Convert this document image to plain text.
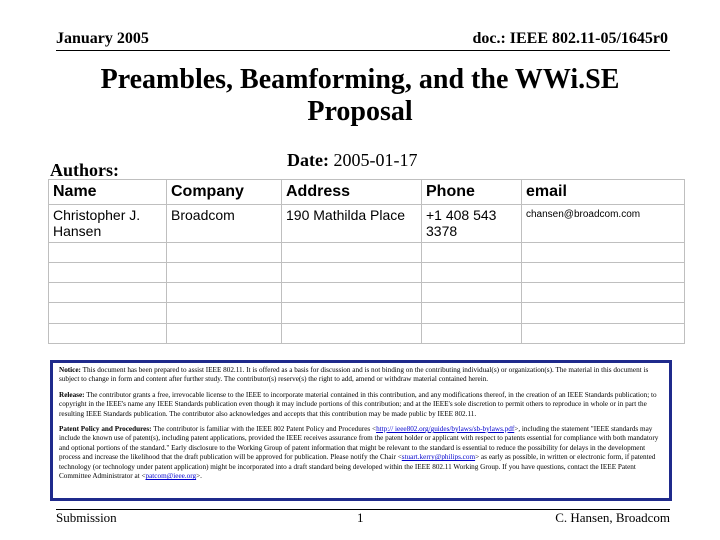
January 2005	doc.: IEEE 802.11-05/1645r0
Preambles, Beamforming, and the WWi.SE Proposal
Date: 2005-01-17
Authors:
Name	Company	Address	Phone	email
Christopher J. Hansen	Broadcom	190 Mathilda Place	+1 408 543 3378	chansen@broadcom.com

Notice: This document has been prepared to assist IEEE 802.11. It is offered as a basis for discussion and is not binding on the contributing individual(s) or organization(s). The material in this document is subject to change in form and content after further study. The contributor(s) reserve(s) the right to add, amend or withdraw material contained herein.

Release: The contributor grants a free, irrevocable license to the IEEE to incorporate material contained in this contribution, and any modifications thereof, in the creation of an IEEE Standards publication; to copyright in the IEEE's name any IEEE Standards publication even though it may include portions of this contribution; and at the IEEE's sole discretion to permit others to reproduce in whole or in part the resulting IEEE Standards publication. The contributor also acknowledges and accepts that this contribution may be made public by IEEE 802.11.

Patent Policy and Procedures: The contributor is familiar with the IEEE 802 Patent Policy and Procedures <http:// ieee802.org/guides/bylaws/sb-bylaws.pdf>, including the statement "IEEE standards may include the known use of patent(s), including patent applications, provided the IEEE receives assurance from the patent holder or applicant with respect to patents essential for compliance with both mandatory and optional portions of the standard." Early disclosure to the Working Group of patent information that might be relevant to the standard is essential to reduce the possibility for delays in the development process and increase the likelihood that the draft publication will be approved for publication. Please notify the Chair <stuart.kerry@philips.com> as early as possible, in written or electronic form, if patented technology (or technology under patent application) might be incorporated into a draft standard being developed within the IEEE 802.11 Working Group. If you have questions, contact the IEEE Patent Committee Administrator at <patcom@ieee.org>.

Submission	1	C. Hansen, Broadcom
